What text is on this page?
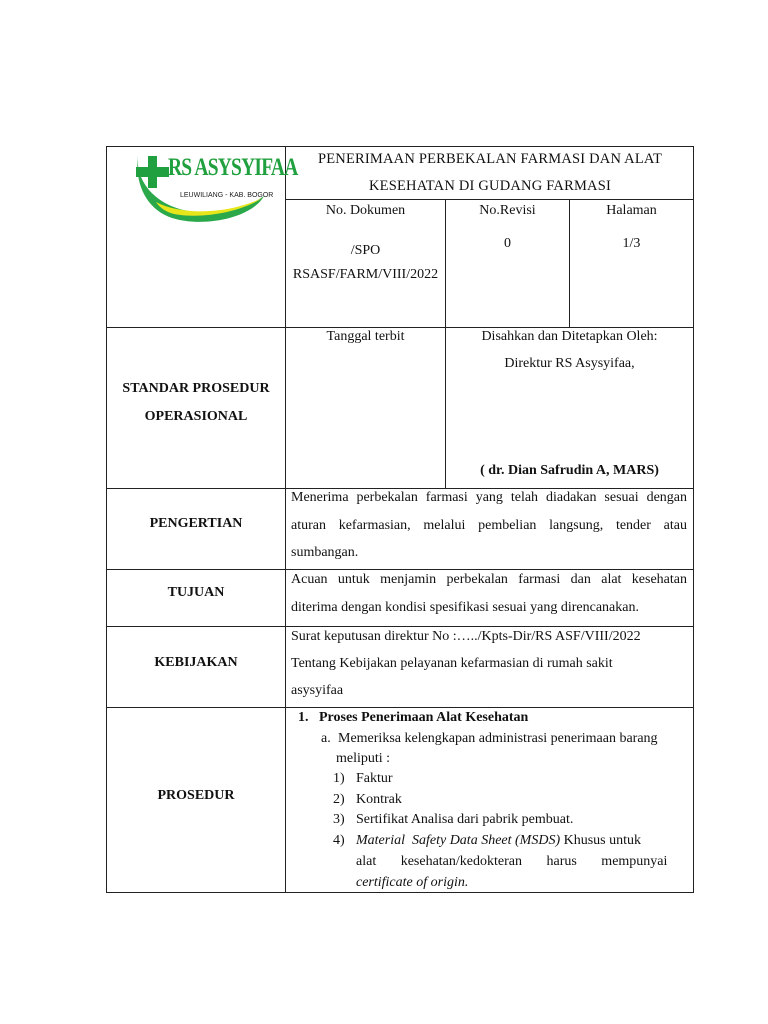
RS ASYSYIFAA
LEUWILIANG - KAB. BOGOR
PENERIMAAN PERBEKALAN FARMASI DAN ALAT
KESEHATAN DI GUDANG FARMASI
No. Dokumen
/SPO
RSASF/FARM/VIII/2022
No.Revisi
0
Halaman
1/3
STANDAR PROSEDUR
OPERASIONAL
Tanggal terbit	Disahkan dan Ditetapkan Oleh:
Direktur RS Asysyifaa,
( dr. Dian Safrudin A, MARS)
PENGERTIAN
Menerima perbekalan farmasi yang telah diadakan sesuai dengan aturan kefarmasian, melalui pembelian langsung, tender atau sumbangan.
TUJUAN
Acuan untuk menjamin perbekalan farmasi dan alat kesehatan diterima dengan kondisi spesifikasi sesuai yang direncanakan.
KEBIJAKAN
Surat keputusan direktur No :…../Kpts-Dir/RS ASF/VIII/2022
Tentang Kebijakan pelayanan kefarmasian di rumah sakit
asysyifaa
PROSEDUR
1. Proses Penerimaan Alat Kesehatan
a. Memeriksa kelengkapan administrasi penerimaan barang
meliputi :
1) Faktur
2) Kontrak
3) Sertifikat Analisa dari pabrik pembuat.
4) Material  Safety Data Sheet (MSDS) Khusus untuk
alat       kesehatan/kedokteran       harus       mempunyai
certificate of origin.
